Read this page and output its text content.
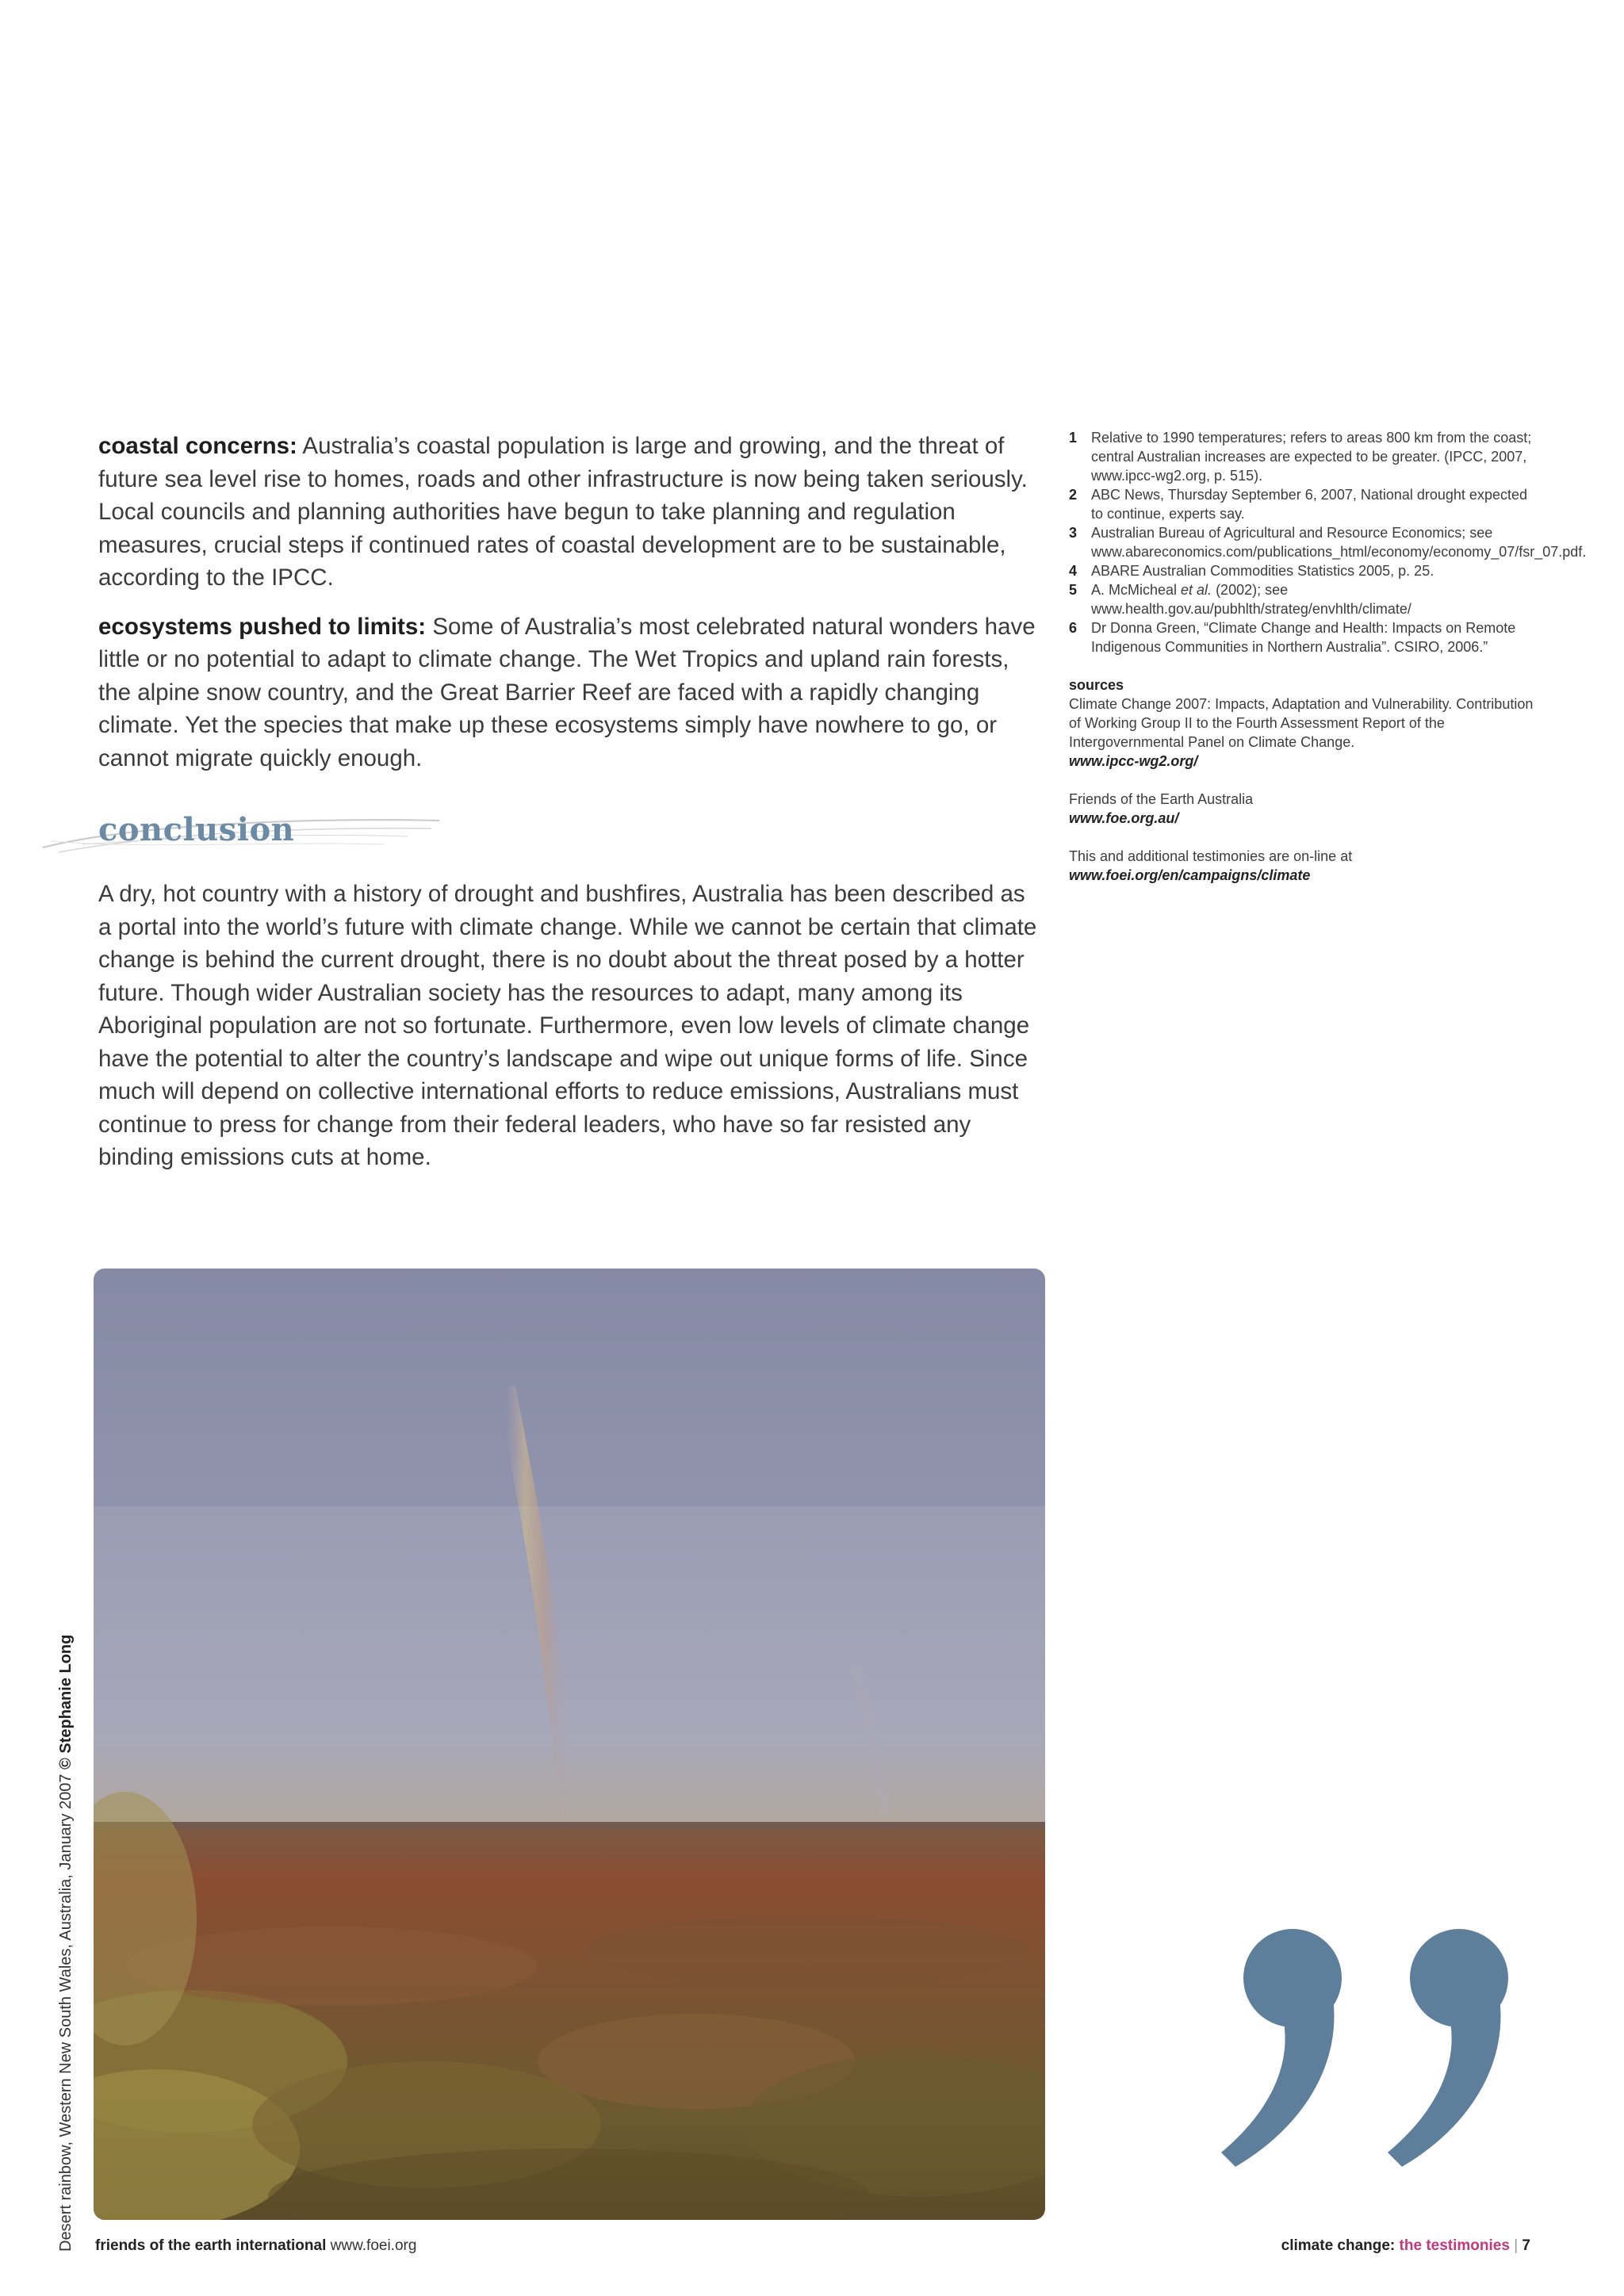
coastal concerns: Australia’s coastal population is large and growing, and the threat of future sea level rise to homes, roads and other infrastructure is now being taken seriously. Local councils and planning authorities have begun to take planning and regulation measures, crucial steps if continued rates of coastal development are to be sustainable, according to the IPCC.

ecosystems pushed to limits: Some of Australia’s most celebrated natural wonders have little or no potential to adapt to climate change. The Wet Tropics and upland rain forests, the alpine snow country, and the Great Barrier Reef are faced with a rapidly changing climate. Yet the species that make up these ecosystems simply have nowhere to go, or cannot migrate quickly enough.

conclusion

A dry, hot country with a history of drought and bushfires, Australia has been described as a portal into the world’s future with climate change. While we cannot be certain that climate change is behind the current drought, there is no doubt about the threat posed by a hotter future. Though wider Australian society has the resources to adapt, many among its Aboriginal population are not so fortunate. Furthermore, even low levels of climate change have the potential to alter the country’s landscape and wipe out unique forms of life. Since much will depend on collective international efforts to reduce emissions, Australians must continue to press for change from their federal leaders, who have so far resisted any binding emissions cuts at home.

1 Relative to 1990 temperatures; refers to areas 800 km from the coast; central Australian increases are expected to be greater. (IPCC, 2007, www.ipcc-wg2.org, p. 515).

2 ABC News, Thursday September 6, 2007, National drought expected to continue, experts say.

3 Australian Bureau of Agricultural and Resource Economics; see www.abareconomics.com/publications_html/economy/economy_07/fsr_07.pdf.

4 ABARE Australian Commodities Statistics 2005, p. 25.

5 A. McMicheal et al. (2002); see www.health.gov.au/pubhlth/strateg/envhlth/climate/

6 Dr Donna Green, “Climate Change and Health: Impacts on Remote Indigenous Communities in Northern Australia”. CSIRO, 2006.”

sources
Climate Change 2007: Impacts, Adaptation and Vulnerability. Contribution of Working Group II to the Fourth Assessment Report of the Intergovernmental Panel on Climate Change.
www.ipcc-wg2.org/
Friends of the Earth Australia
www.foe.org.au/
This and additional testimonies are on-line at
www.foei.org/en/campaigns/climate
Desert rainbow, Western New South Wales, Australia, January 2007 © Stephanie Long
friends of the earth international www.foei.org	climate change: the testimonies | 7
